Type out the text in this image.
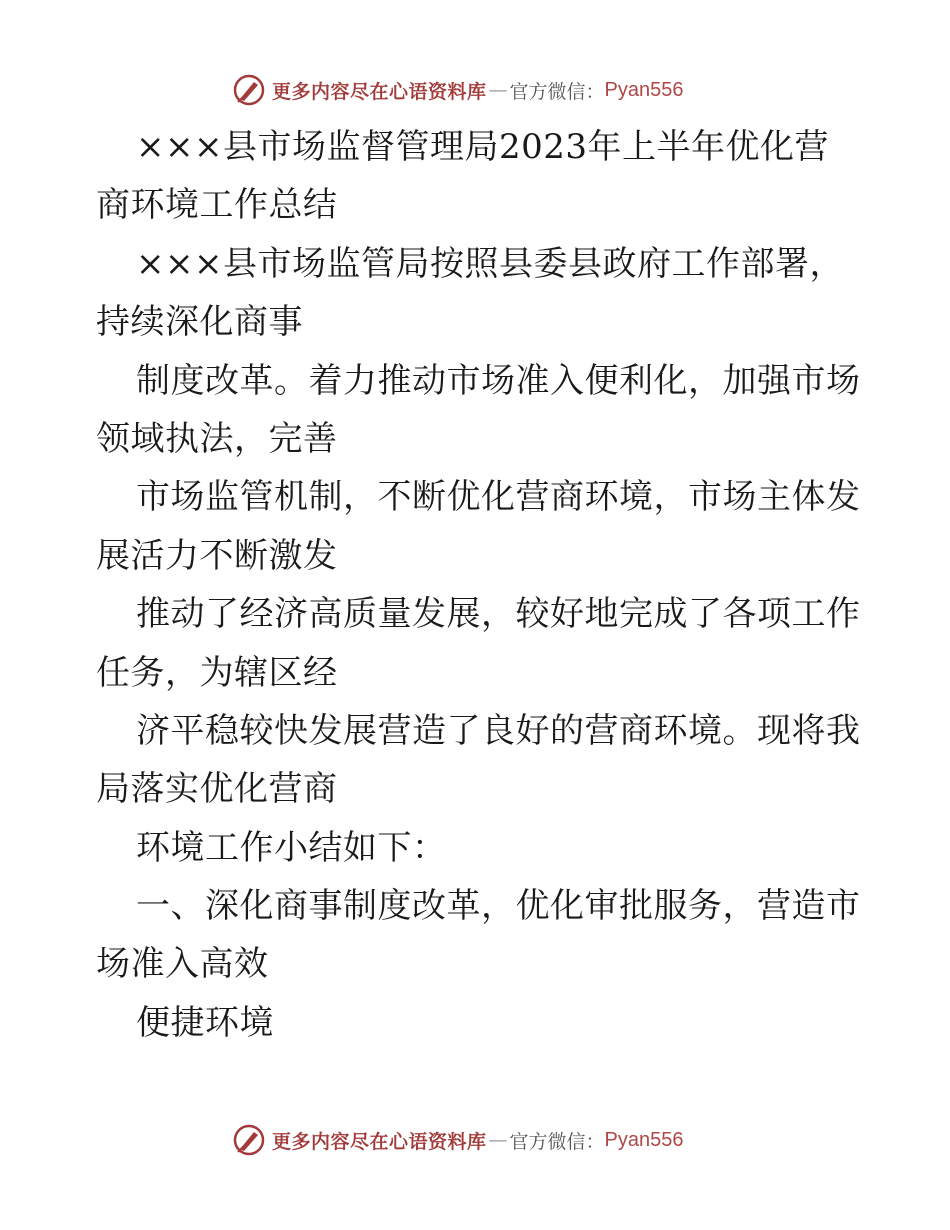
更多内容尽在心语资料库 — 官方微信： Pyan556
×××县市场监督管理局2023年上半年优化营
商环境工作总结
×××县市场监管局按照县委县政府工作部署，
持续深化商事
制度改革。着力推动市场准入便利化，加强市场
领域执法，完善
市场监管机制，不断优化营商环境，市场主体发
展活力不断激发
推动了经济高质量发展，较好地完成了各项工作
任务，为辖区经
济平稳较快发展营造了良好的营商环境。现将我
局落实优化营商
环境工作小结如下：
一、深化商事制度改革，优化审批服务，营造市
场准入高效
便捷环境
更多内容尽在心语资料库 — 官方微信： Pyan556
